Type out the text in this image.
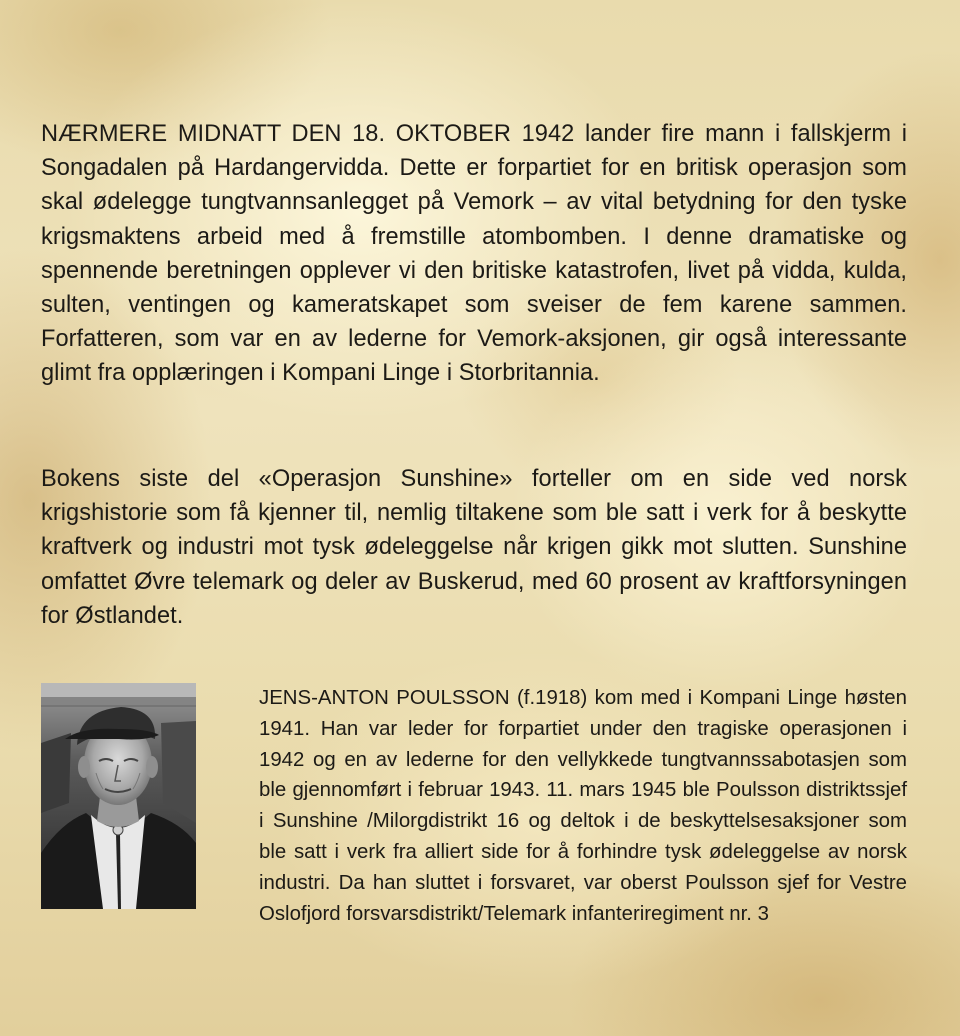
NÆRMERE MIDNATT DEN 18. OKTOBER 1942 lander fire mann i fallskjerm i Songadalen på Hardangervidda. Dette er forpartiet for en britisk operasjon som skal ødelegge tungtvannsanlegget på Vemork – av vital betydning for den tyske krigsmaktens arbeid med å fremstille atombomben. I denne dramatiske og spennende beretningen opplever vi den britiske katastrofen, livet på vidda, kulda, sulten, ventingen og kameratskapet som sveiser de fem karene sammen. Forfatteren, som var en av lederne for Vemork-aksjonen, gir også interessante glimt fra opplæringen i Kompani Linge i Storbritannia.

Bokens siste del «Operasjon Sunshine» forteller om en side ved norsk krigshistorie som få kjenner til, nemlig tiltakene som ble satt i verk for å beskytte kraftverk og industri mot tysk ødeleggelse når krigen gikk mot slutten. Sunshine omfattet Øvre telemark og deler av Buskerud, med 60 prosent av kraftforsyningen for Østlandet.

JENS-ANTON POULSSON (f.1918) kom med i Kompani Linge høsten 1941. Han var leder for forpartiet under den tragiske operasjonen i 1942 og en av lederne for den vellykkede tungtvannssabotasjen som ble gjennomført i februar 1943. 11. mars 1945 ble Poulsson distriktssjef i Sunshine /Milorgdistrikt 16 og deltok i de beskyttelsesaksjoner som ble satt i verk fra alliert side for å forhindre tysk ødeleggelse av norsk industri. Da han sluttet i forsvaret, var oberst Poulsson sjef for Vestre Oslofjord forsvarsdistrikt/Telemark infanteriregiment nr. 3
